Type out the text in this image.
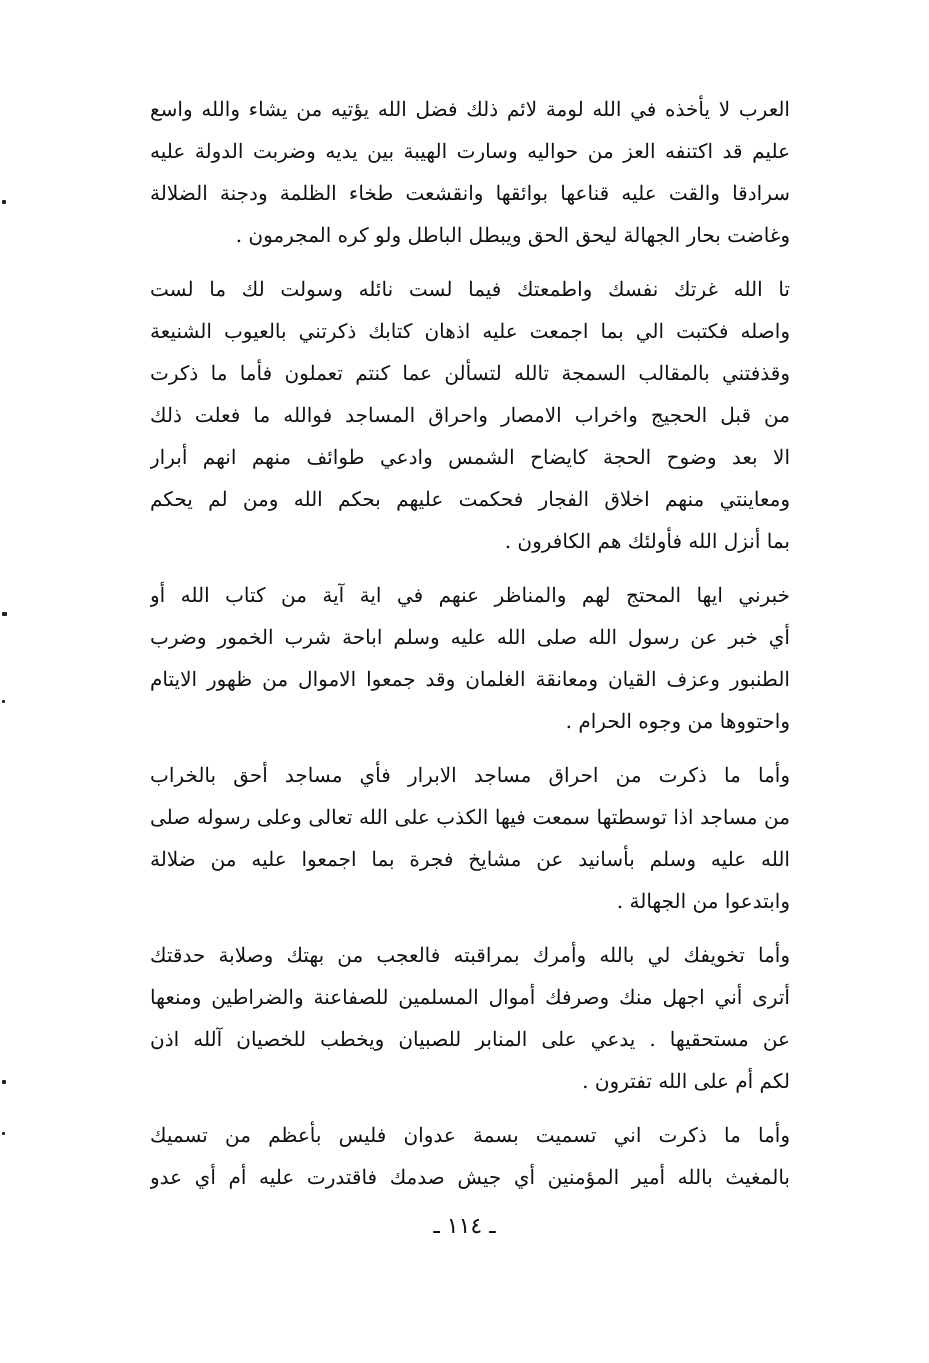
العرب لا يأخذه في الله لومة لائم ذلك فضل الله يؤتيه من يشاء والله واسع
عليم قد اكتنفه العز من حواليه وسارت الهيبة بين يديه وضربت الدولة عليه
سرادقا والقت عليه قناعها بوائقها وانقشعت طخاء الظلمة ودجنة الضلالة
وغاضت بحار الجهالة ليحق الحق ويبطل الباطل ولو كره المجرمون .
تا الله غرتك نفسك واطمعتك فيما لست نائله وسولت لك ما لست
واصله فكتبت الي بما اجمعت عليه اذهان كتابك ذكرتني بالعيوب الشنيعة
وقذفتني بالمقالب السمجة تالله لتسألن عما كنتم تعملون فأما ما ذكرت
من قبل الحجيج واخراب الامصار واحراق المساجد فوالله ما فعلت ذلك
الا بعد وضوح الحجة كايضاح الشمس وادعي طوائف منهم انهم أبرار
ومعاينتي منهم اخلاق الفجار فحكمت عليهم بحكم الله ومن لم يحكم
بما أنزل الله فأولئك هم الكافرون .
خبرني ايها المحتج لهم والمناظر عنهم في اية آية من كتاب الله أو
أي خبر عن رسول الله صلى الله عليه وسلم اباحة شرب الخمور وضرب
الطنبور وعزف القيان ومعانقة الغلمان وقد جمعوا الاموال من ظهور الايتام
واحتووها من وجوه الحرام .
وأما ما ذكرت من احراق مساجد الابرار فأي مساجد أحق بالخراب
من مساجد اذا توسطتها سمعت فيها الكذب على الله تعالى وعلى رسوله صلى
الله عليه وسلم بأسانيد عن مشايخ فجرة بما اجمعوا عليه من ضلالة
وابتدعوا من الجهالة .
وأما تخويفك لي بالله وأمرك بمراقبته فالعجب من بهتك وصلابة حدقتك
أترى أني اجهل منك وصرفك أموال المسلمين للصفاعنة والضراطين ومنعها
عن مستحقيها . يدعي على المنابر للصبيان ويخطب للخصيان آلله اذن
لكم أم على الله تفترون .
وأما ما ذكرت اني تسميت بسمة عدوان فليس بأعظم من تسميك
بالمغيث بالله أمير المؤمنين أي جيش صدمك فاقتدرت عليه أم أي عدو
ـ ١١٤ ـ
